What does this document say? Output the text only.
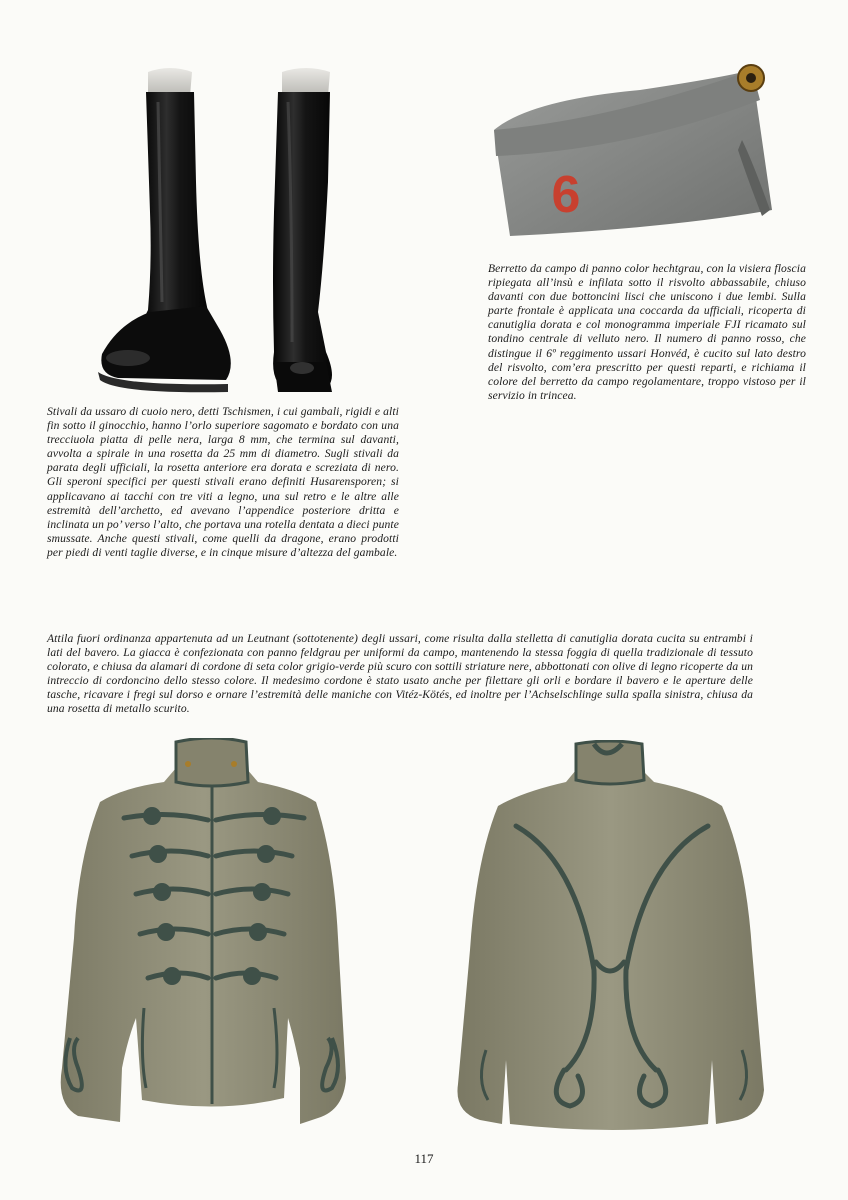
6

Stivali da ussaro di cuoio nero, detti Tschismen, i cui gambali, rigidi e alti fin sotto il ginocchio, hanno l’orlo superiore sagomato e bordato con una trecciuola piatta di pelle nera, larga 8 mm, che termina sul davanti, avvolta a spirale in una rosetta da 25 mm di diametro. Sugli stivali da parata degli ufficiali, la rosetta anteriore era dorata e screziata di nero. Gli speroni specifici per questi stivali erano definiti Husarensporen; si applicavano ai tacchi con tre viti a legno, una sul retro e le altre alle estremità dell’archetto, ed avevano l’appendice posteriore dritta e inclinata un po’ verso l’alto, che portava una rotella dentata a dieci punte smussate. Anche questi stivali, come quelli da dragone, erano prodotti per piedi di venti taglie diverse, e in cinque misure d’altezza del gambale.

Berretto da campo di panno color hechtgrau, con la visiera floscia ripiegata all’insù e infilata sotto il risvolto abbassabile, chiuso davanti con due bottoncini lisci che uniscono i due lembi. Sulla parte frontale è applicata una coccarda da ufficiali, ricoperta di canutiglia dorata e col monogramma imperiale FJI ricamato sul tondino centrale di velluto nero. Il numero di panno rosso, che distingue il 6º reggimento ussari Honvéd, è cucito sul lato destro del risvolto, com’era prescritto per questi reparti, e richiama il colore del berretto da campo regolamentare, troppo vistoso per il servizio in trincea.

Attila fuori ordinanza appartenuta ad un Leutnant (sottotenente) degli ussari, come risulta dalla stelletta di canutiglia dorata cucita su entrambi i lati del bavero. La giacca è confezionata con panno feldgrau per uniformi da campo, mantenendo la stessa foggia di quella tradizionale di tessuto colorato, e chiusa da alamari di cordone di seta color grigio-verde più scuro con sottili striature nere, abbottonati con olive di legno ricoperte da un intreccio di cordoncino dello stesso colore. Il medesimo cordone è stato usato anche per filettare gli orli e bordare il bavero e le aperture delle tasche, ricavare i fregi sul dorso e ornare l’estremità delle maniche con Vitéz-Kötés, ed inoltre per l’Achselschlinge sulla spalla sinistra, chiusa da una rosetta di metallo scurito.

117
